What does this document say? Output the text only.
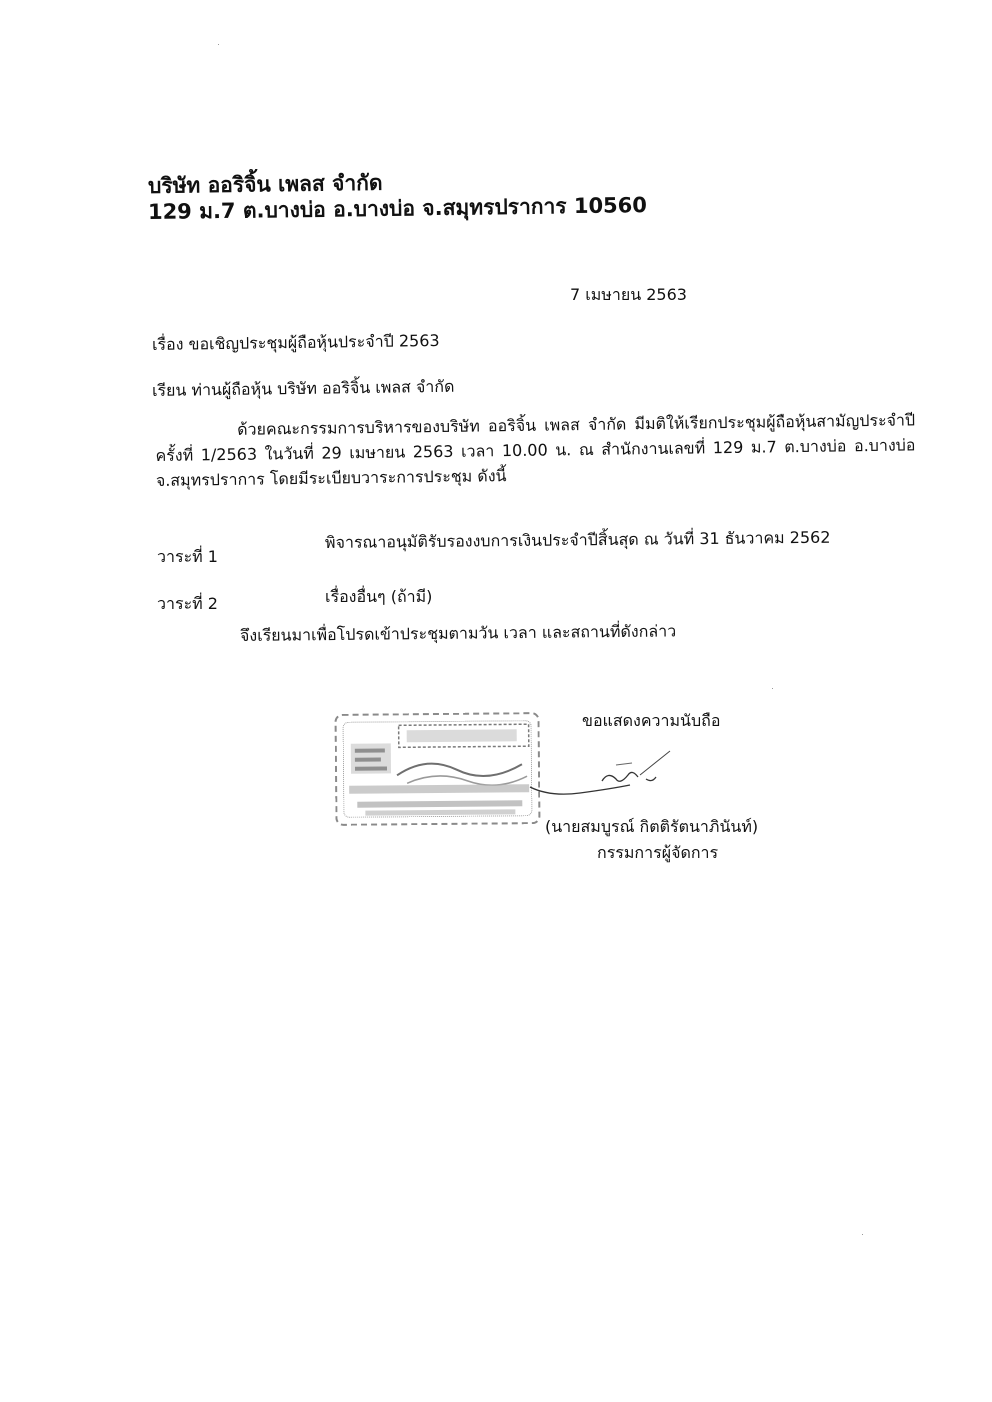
บริษัท ออริจิ้น เพลส จำกัด
129 ม.7 ต.บางบ่อ อ.บางบ่อ จ.สมุทรปราการ 10560
7 เมษายน 2563
เรื่อง ขอเชิญประชุมผู้ถือหุ้นประจำปี 2563
เรียน ท่านผู้ถือหุ้น บริษัท ออริจิ้น เพลส จำกัด
ด้วยคณะกรรมการบริหารของบริษัท ออริจิ้น เพลส จำกัด มีมติให้เรียกประชุมผู้ถือหุ้นสามัญประจำปี ครั้งที่ 1/2563 ในวันที่ 29 เมษายน 2563 เวลา 10.00 น. ณ สำนักงานเลขที่ 129 ม.7 ต.บางบ่อ อ.บางบ่อ จ.สมุทรปราการ โดยมีระเบียบวาระการประชุม ดังนี้
วาระที่ 1
พิจารณาอนุมัติรับรองงบการเงินประจำปีสิ้นสุด ณ วันที่ 31 ธันวาคม 2562
วาระที่ 2	เรื่องอื่นๆ (ถ้ามี)
จึงเรียนมาเพื่อโปรดเข้าประชุมตามวัน เวลา และสถานที่ดังกล่าว
ขอแสดงความนับถือ
(นายสมบูรณ์ กิตติรัตนาภินันท์)
กรรมการผู้จัดการ
